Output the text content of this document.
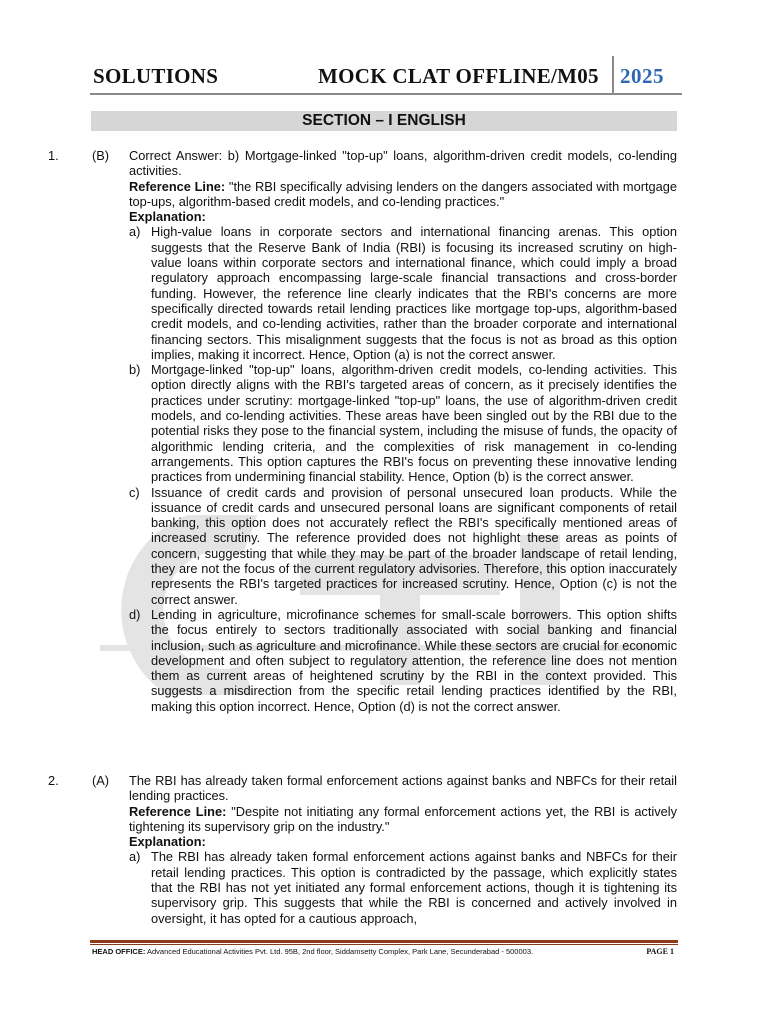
SOLUTIONS	MOCK CLAT OFFLINE/M05 2025
SECTION – I ENGLISH
1.	(B) Correct Answer: b) Mortgage-linked "top-up" loans, algorithm-driven credit models, co-lending activities.

Reference Line: "the RBI specifically advising lenders on the dangers associated with mortgage top-ups, algorithm-based credit models, and co-lending practices."

Explanation:

a) High-value loans in corporate sectors and international financing arenas. This option suggests that the Reserve Bank of India (RBI) is focusing its increased scrutiny on high-value loans within corporate sectors and international finance, which could imply a broad regulatory approach encompassing large-scale financial transactions and cross-border funding. However, the reference line clearly indicates that the RBI's concerns are more specifically directed towards retail lending practices like mortgage top-ups, algorithm-based credit models, and co-lending activities, rather than the broader corporate and international financing sectors. This misalignment suggests that the focus is not as broad as this option implies, making it incorrect. Hence, Option (a) is not the correct answer.
b) Mortgage-linked "top-up" loans, algorithm-driven credit models, co-lending activities. This option directly aligns with the RBI's targeted areas of concern, as it precisely identifies the practices under scrutiny: mortgage-linked "top-up" loans, the use of algorithm-driven credit models, and co-lending activities. These areas have been singled out by the RBI due to the potential risks they pose to the financial system, including the misuse of funds, the opacity of algorithmic lending criteria, and the complexities of risk management in co-lending arrangements. This option captures the RBI's focus on preventing these innovative lending practices from undermining financial stability. Hence, Option (b) is the correct answer.
c) Issuance of credit cards and provision of personal unsecured loan products. While the issuance of credit cards and unsecured personal loans are significant components of retail banking, this option does not accurately reflect the RBI's specifically mentioned areas of increased scrutiny. The reference provided does not highlight these areas as points of concern, suggesting that while they may be part of the broader landscape of retail lending, they are not the focus of the current regulatory advisories. Therefore, this option inaccurately represents the RBI's targeted practices for increased scrutiny. Hence, Option (c) is not the correct answer.
d) Lending in agriculture, microfinance schemes for small-scale borrowers. This option shifts the focus entirely to sectors traditionally associated with social banking and financial inclusion, such as agriculture and microfinance. While these sectors are crucial for economic development and often subject to regulatory attention, the reference line does not mention them as current areas of heightened scrutiny by the RBI in the context provided. This suggests a misdirection from the specific retail lending practices identified by the RBI, making this option incorrect. Hence, Option (d) is not the correct answer.
2.	(A) The RBI has already taken formal enforcement actions against banks and NBFCs for their retail lending practices.

Reference Line: "Despite not initiating any formal enforcement actions yet, the RBI is actively tightening its supervisory grip on the industry."

Explanation:

a) The RBI has already taken formal enforcement actions against banks and NBFCs for their retail lending practices. This option is contradicted by the passage, which explicitly states that the RBI has not yet initiated any formal enforcement actions, though it is tightening its supervisory grip. This suggests that while the RBI is concerned and actively involved in oversight, it has opted for a cautious approach,
HEAD OFFICE: Advanced Educational Activities Pvt. Ltd. 95B, 2nd floor, Siddamsetty Complex, Park Lane, Secunderabad - 500003.	PAGE 1
